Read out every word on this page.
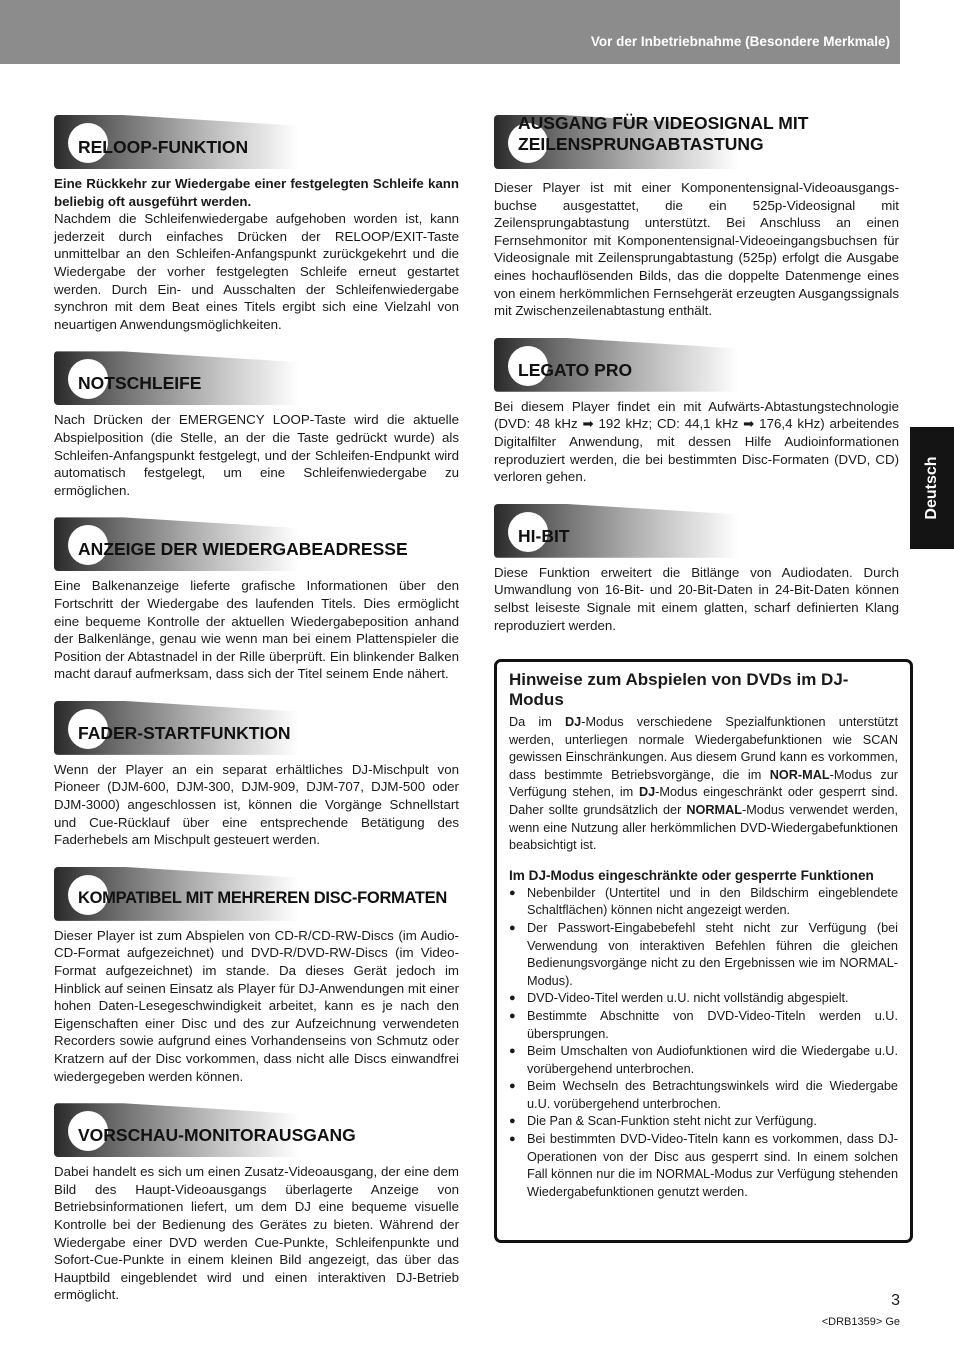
Vor der Inbetriebnahme (Besondere Merkmale)
Deutsch
RELOOP-FUNKTION

Eine Rückkehr zur Wiedergabe einer festgelegten Schleife kann beliebig oft ausgeführt werden.

Nachdem die Schleifenwiedergabe aufgehoben worden ist, kann jederzeit durch einfaches Drücken der RELOOP/EXIT-Taste unmittelbar an den Schleifen-Anfangspunkt zurückgekehrt und die Wiedergabe der vorher festgelegten Schleife erneut gestartet werden. Durch Ein- und Ausschalten der Schleifenwiedergabe synchron mit dem Beat eines Titels ergibt sich eine Vielzahl von neuartigen Anwendungsmöglichkeiten.

NOTSCHLEIFE

Nach Drücken der EMERGENCY LOOP-Taste wird die aktuelle Abspielposition (die Stelle, an der die Taste gedrückt wurde) als Schleifen-Anfangspunkt festgelegt, und der Schleifen-Endpunkt wird automatisch festgelegt, um eine Schleifenwiedergabe zu ermöglichen.

ANZEIGE DER WIEDERGABEADRESSE

Eine Balkenanzeige lieferte grafische Informationen über den Fortschritt der Wiedergabe des laufenden Titels. Dies ermöglicht eine bequeme Kontrolle der aktuellen Wiedergabeposition anhand der Balkenlänge, genau wie wenn man bei einem Plattenspieler die Position der Abtastnadel in der Rille überprüft. Ein blinkender Balken macht darauf aufmerksam, dass sich der Titel seinem Ende nähert.

FADER-STARTFUNKTION

Wenn der Player an ein separat erhältliches DJ-Mischpult von Pioneer (DJM-600, DJM-300, DJM-909, DJM-707, DJM-500 oder DJM-3000) angeschlossen ist, können die Vorgänge Schnellstart und Cue-Rücklauf über eine entsprechende Betätigung des Faderhebels am Mischpult gesteuert werden.

KOMPATIBEL MIT MEHREREN DISC-FORMATEN

Dieser Player ist zum Abspielen von CD-R/CD-RW-Discs (im Audio-CD-Format aufgezeichnet) und DVD-R/DVD-RW-Discs (im Video-Format aufgezeichnet) im stande. Da dieses Gerät jedoch im Hinblick auf seinen Einsatz als Player für DJ-Anwendungen mit einer hohen Daten-Lesegeschwindigkeit arbeitet, kann es je nach den Eigenschaften einer Disc und des zur Aufzeichnung verwendeten Recorders sowie aufgrund eines Vorhandenseins von Schmutz oder Kratzern auf der Disc vorkommen, dass nicht alle Discs einwandfrei wiedergegeben werden können.

VORSCHAU-MONITORAUSGANG

Dabei handelt es sich um einen Zusatz-Videoausgang, der eine dem Bild des Haupt-Videoausgangs überlagerte Anzeige von Betriebsinformationen liefert, um dem DJ eine bequeme visuelle Kontrolle bei der Bedienung des Gerätes zu bieten. Während der Wiedergabe einer DVD werden Cue-Punkte, Schleifenpunkte und Sofort-Cue-Punkte in einem kleinen Bild angezeigt, das über das Hauptbild eingeblendet wird und einen interaktiven DJ-Betrieb ermöglicht.

AUSGANG FÜR VIDEOSIGNAL MIT ZEILENSPRUNGABTASTUNG

Dieser Player ist mit einer Komponentensignal-Videoausgangs-buchse ausgestattet, die ein 525p-Videosignal mit Zeilensprungabtastung unterstützt. Bei Anschluss an einen Fernsehmonitor mit Komponentensignal-Videoeingangsbuchsen für Videosignale mit Zeilensprungabtastung (525p) erfolgt die Ausgabe eines hochauflösenden Bilds, das die doppelte Datenmenge eines von einem herkömmlichen Fernsehgerät erzeugten Ausgangssignals mit Zwischenzeilenabtastung enthält.

LEGATO PRO

Bei diesem Player findet ein mit Aufwärts-Abtastungstechnologie (DVD: 48 kHz ➡ 192 kHz; CD: 44,1 kHz ➡ 176,4 kHz) arbeitendes Digitalfilter Anwendung, mit dessen Hilfe Audioinformationen reproduziert werden, die bei bestimmten Disc-Formaten (DVD, CD) verloren gehen.

HI-BIT

Diese Funktion erweitert die Bitlänge von Audiodaten. Durch Umwandlung von 16-Bit- und 20-Bit-Daten in 24-Bit-Daten können selbst leiseste Signale mit einem glatten, scharf definierten Klang reproduziert werden.

Hinweise zum Abspielen von DVDs im DJ-Modus

Da im DJ-Modus verschiedene Spezialfunktionen unterstützt werden, unterliegen normale Wiedergabefunktionen wie SCAN gewissen Einschränkungen. Aus diesem Grund kann es vorkommen, dass bestimmte Betriebsvorgänge, die im NOR-MAL-Modus zur Verfügung stehen, im DJ-Modus eingeschränkt oder gesperrt sind. Daher sollte grundsätzlich der NORMAL-Modus verwendet werden, wenn eine Nutzung aller herkömmlichen DVD-Wiedergabefunktionen beabsichtigt ist.

Im DJ-Modus eingeschränkte oder gesperrte Funktionen
● Nebenbilder (Untertitel und in den Bildschirm eingeblendete Schaltflächen) können nicht angezeigt werden.
● Der Passwort-Eingabebefehl steht nicht zur Verfügung (bei Verwendung von interaktiven Befehlen führen die gleichen Bedienungsvorgänge nicht zu den Ergebnissen wie im NORMAL-Modus).
● DVD-Video-Titel werden u.U. nicht vollständig abgespielt.
● Bestimmte Abschnitte von DVD-Video-Titeln werden u.U. übersprungen.
● Beim Umschalten von Audiofunktionen wird die Wiedergabe u.U. vorübergehend unterbrochen.
● Beim Wechseln des Betrachtungswinkels wird die Wiedergabe u.U. vorübergehend unterbrochen.
● Die Pan & Scan-Funktion steht nicht zur Verfügung.
● Bei bestimmten DVD-Video-Titeln kann es vorkommen, dass DJ-Operationen von der Disc aus gesperrt sind. In einem solchen Fall können nur die im NORMAL-Modus zur Verfügung stehenden Wiedergabefunktionen genutzt werden.
3
<DRB1359> Ge
